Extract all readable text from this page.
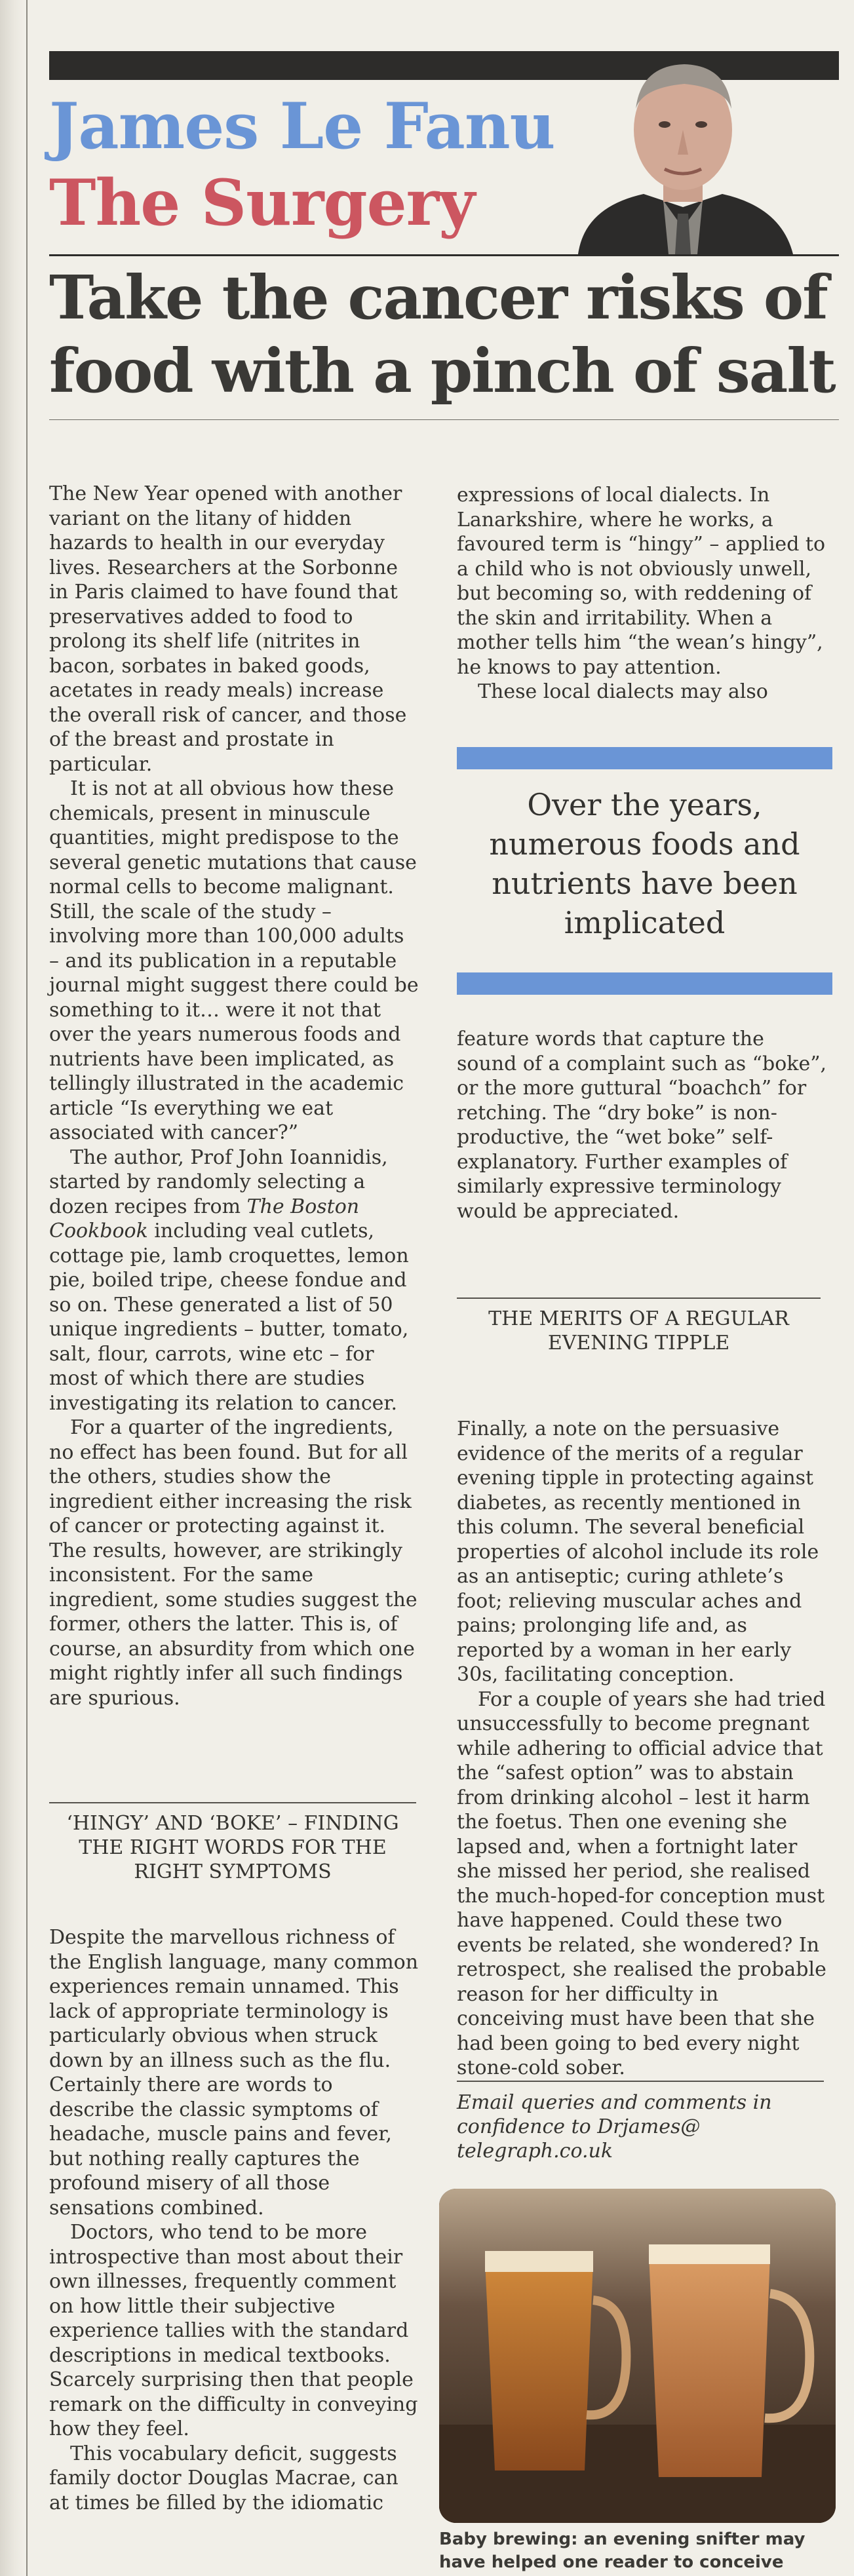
James Le Fanu
The Surgery
Take the cancer risks of
food with a pinch of salt

The New Year opened with another variant on the litany of hidden hazards to health in our everyday lives. Researchers at the Sorbonne in Paris claimed to have found that preservatives added to food to prolong its shelf life (nitrites in bacon, sorbates in baked goods, acetates in ready meals) increase the overall risk of cancer, and those of the breast and prostate in particular.

It is not at all obvious how these chemicals, present in minuscule quantities, might predispose to the several genetic mutations that cause normal cells to become malignant. Still, the scale of the study – involving more than 100,000 adults – and its publication in a reputable journal might suggest there could be something to it… were it not that over the years numerous foods and nutrients have been implicated, as tellingly illustrated in the academic article “Is everything we eat associated with cancer?”

The author, Prof John Ioannidis, started by randomly selecting a dozen recipes from The Boston Cookbook including veal cutlets, cottage pie, lamb croquettes, lemon pie, boiled tripe, cheese fondue and so on. These generated a list of 50 unique ingredients – butter, tomato, salt, flour, carrots, wine etc – for most of which there are studies investigating its relation to cancer.

For a quarter of the ingredients, no effect has been found. But for all the others, studies show the ingredient either increasing the risk of cancer or protecting against it. The results, however, are strikingly inconsistent. For the same ingredient, some studies suggest the former, others the latter. This is, of course, an absurdity from which one might rightly infer all such findings are spurious.

‘HINGY’ AND ‘BOKE’ – FINDING THE RIGHT WORDS FOR THE RIGHT SYMPTOMS

Despite the marvellous richness of the English language, many common experiences remain unnamed. This lack of appropriate terminology is particularly obvious when struck down by an illness such as the flu. Certainly there are words to describe the classic symptoms of headache, muscle pains and fever, but nothing really captures the profound misery of all those sensations combined.

Doctors, who tend to be more introspective than most about their own illnesses, frequently comment on how little their subjective experience tallies with the standard descriptions in medical textbooks. Scarcely surprising then that people remark on the difficulty in conveying how they feel.

This vocabulary deficit, suggests family doctor Douglas Macrae, can at times be filled by the idiomatic

expressions of local dialects. In Lanarkshire, where he works, a favoured term is “hingy” – applied to a child who is not obviously unwell, but becoming so, with reddening of the skin and irritability. When a mother tells him “the wean’s hingy”, he knows to pay attention.

These local dialects may also

Over the years, numerous foods and nutrients have been implicated

feature words that capture the sound of a complaint such as “boke”, or the more guttural “boachch” for retching. The “dry boke” is non-productive, the “wet boke” self-explanatory. Further examples of similarly expressive terminology would be appreciated.

THE MERITS OF A REGULAR EVENING TIPPLE

Finally, a note on the persuasive evidence of the merits of a regular evening tipple in protecting against diabetes, as recently mentioned in this column. The several beneficial properties of alcohol include its role as an antiseptic; curing athlete’s foot; relieving muscular aches and pains; prolonging life and, as reported by a woman in her early 30s, facilitating conception.

For a couple of years she had tried unsuccessfully to become pregnant while adhering to official advice that the “safest option” was to abstain from drinking alcohol – lest it harm the foetus. Then one evening she lapsed and, when a fortnight later she missed her period, she realised the much-hoped-for conception must have happened. Could these two events be related, she wondered? In retrospect, she realised the probable reason for her difficulty in conceiving must have been that she had been going to bed every night stone-cold sober.

Email queries and comments in confidence to Drjames@ telegraph.co.uk
Baby brewing: an evening snifter may have helped one reader to conceive
